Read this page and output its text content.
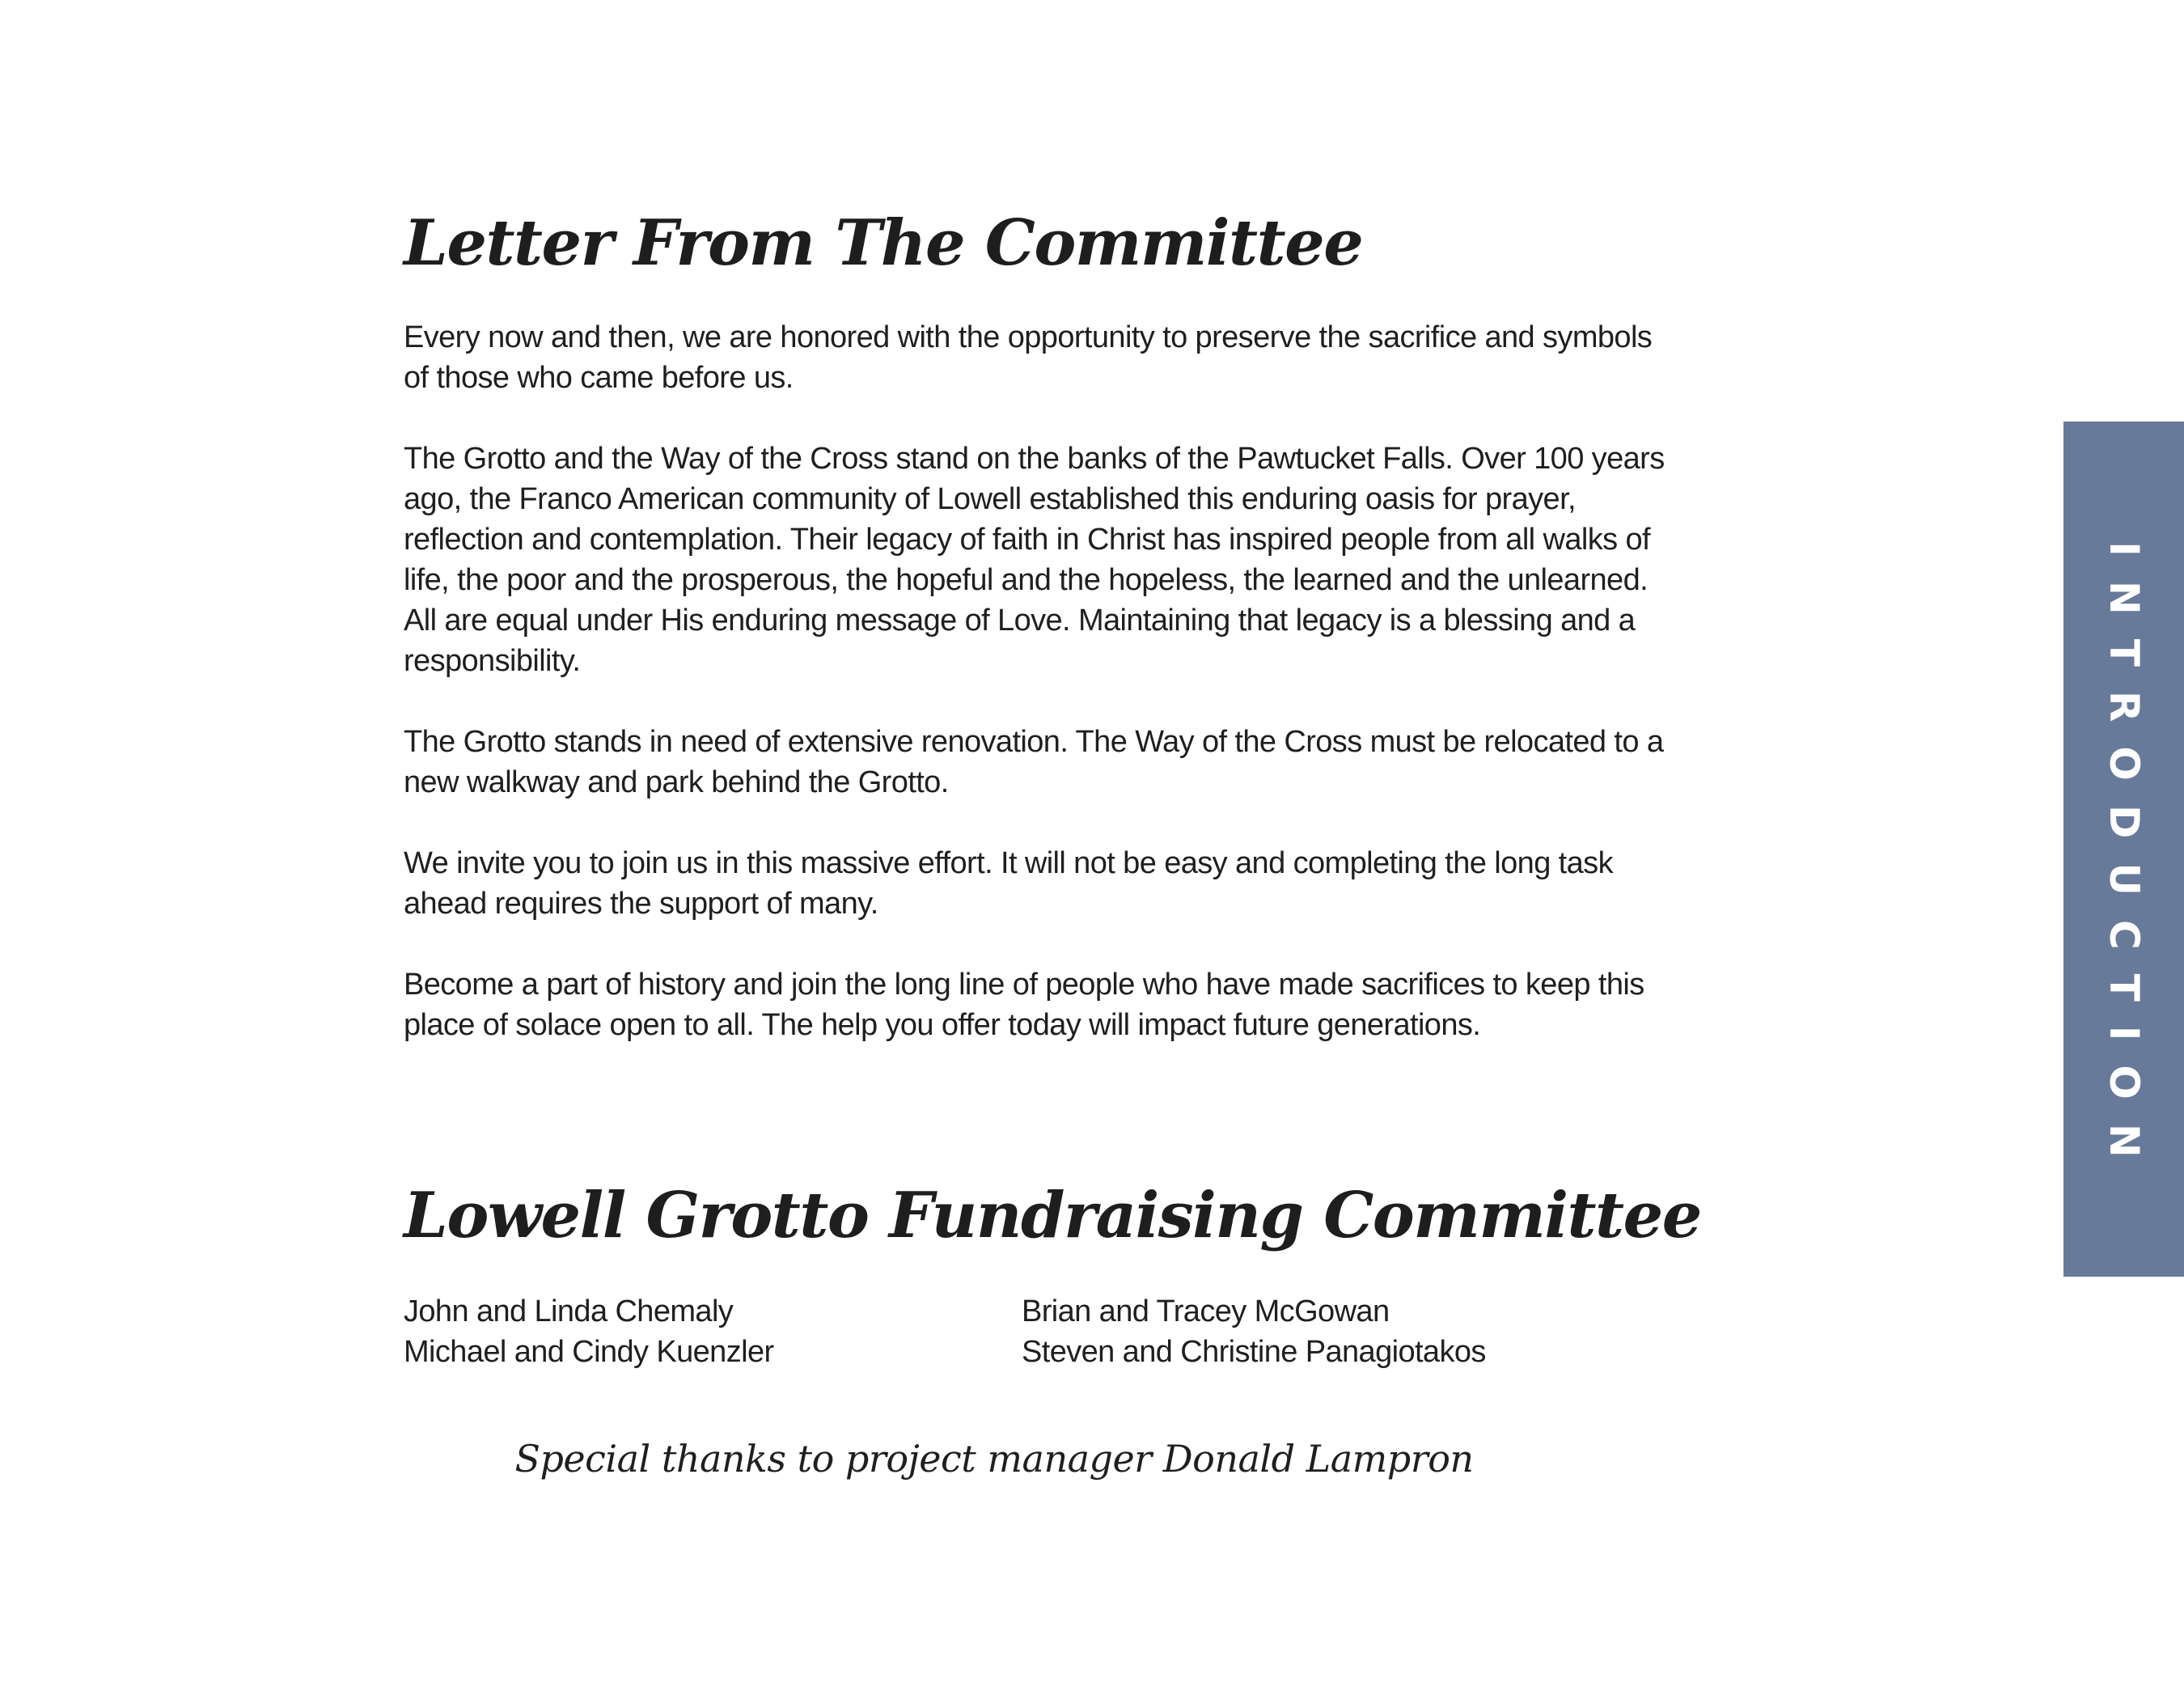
Letter From The Committee

Every now and then, we are honored with the opportunity to preserve the sacrifice and symbols of those who came before us.

The Grotto and the Way of the Cross stand on the banks of the Pawtucket Falls. Over 100 years ago, the Franco American community of Lowell established this enduring oasis for prayer, reflection and contemplation. Their legacy of faith in Christ has inspired people from all walks of life, the poor and the prosperous, the hopeful and the hopeless, the learned and the unlearned. All are equal under His enduring message of Love. Maintaining that legacy is a blessing and a responsibility.

The Grotto stands in need of extensive renovation. The Way of the Cross must be relocated to a new walkway and park behind the Grotto.

We invite you to join us in this massive effort. It will not be easy and completing the long task ahead requires the support of many.

Become a part of history and join the long line of people who have made sacrifices to keep this place of solace open to all. The help you offer today will impact future generations.

Lowell Grotto Fundraising Committee
John and Linda Chemaly	Brian and Tracey McGowan
Michael and Cindy Kuenzler	Steven and Christine Panagiotakos
Special thanks to project manager Donald Lampron
INTRODUCTION
